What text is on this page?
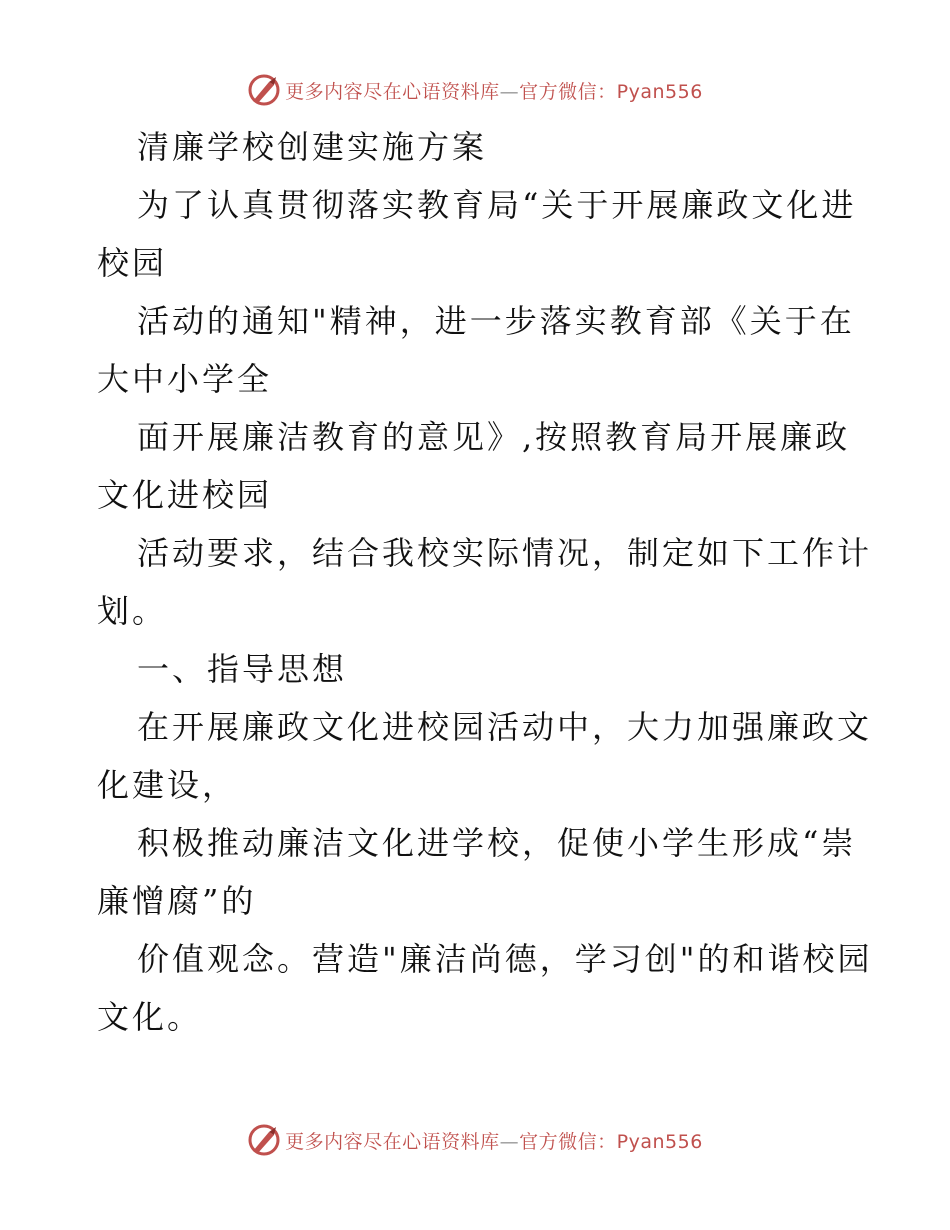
更多内容尽在心语资料库—官方微信：Pyan556
清廉学校创建实施方案
为了认真贯彻落实教育局“关于开展廉政文化进
校园
活动的通知"精神，进一步落实教育部《关于在
大中小学全
面开展廉洁教育的意见》,按照教育局开展廉政
文化进校园
活动要求，结合我校实际情况，制定如下工作计
划。
一、指导思想
在开展廉政文化进校园活动中，大力加强廉政文
化建设，
积极推动廉洁文化进学校，促使小学生形成“崇
廉憎腐”的
价值观念。营造"廉洁尚德，学习创"的和谐校园
文化。
更多内容尽在心语资料库—官方微信：Pyan556
